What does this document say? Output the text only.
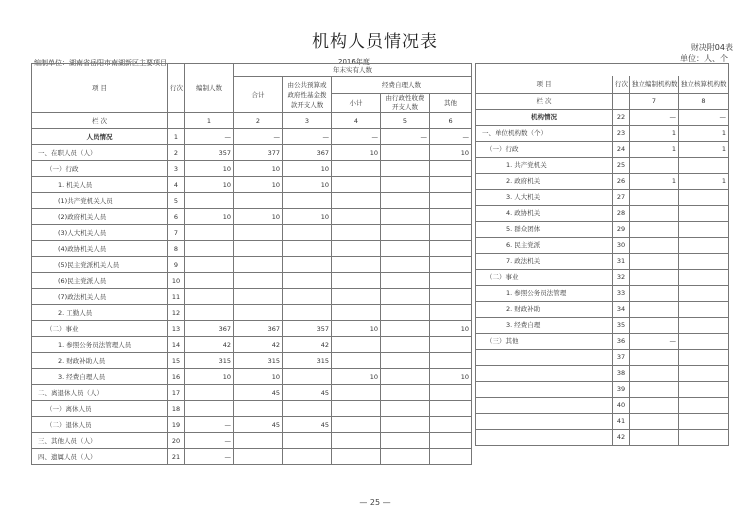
机构人员情况表	财决附04表
单位：人、个
编制单位：湖南省岳阳市南湖新区主要项目	2016年度
项 目	行次	编制人数	年末实有人数				
			合计	由公共预算或政府性基金拨款开支人数	经费自理人数		
					小计	由行政性收费开支人数	其他
栏 次		1	2	3	4	5	6
人员情况	1	—	—	—	—	—	—
一、在职人员（人）	2	357	377	367	10		10
（一）行政	3	10	10	10			
1. 机关人员	4	10	10	10			
(1)共产党机关人员	5						
(2)政府机关人员	6	10	10	10			
(3)人大机关人员	7						
(4)政协机关人员	8						
(5)民主党派机关人员	9						
(6)民主党派人员	10						
(7)政法机关人员	11						
2. 工勤人员	12						
（二）事业	13	367	367	357	10		10
1. 参照公务员法管理人员	14	42	42	42			
2. 财政补助人员	15	315	315	315			
3. 经费自理人员	16	10	10		10		10
二、离退休人员（人）	17		45	45			
（一）离休人员	18						
（二）退休人员	19	—	45	45			
三、其他人员（人）	20	—					
四、遗属人员（人）	21	—					

项 目	行次	独立编制机构数	独立核算机构数

栏 次		7	8
机构情况	22	—	—
一、单位机构数（个）	23	1	1
（一）行政	24	1	1
1. 共产党机关	25		
2. 政府机关	26	1	1
3. 人大机关	27		
4. 政协机关	28		
5. 群众团体	29		
6. 民主党派	30		
7. 政法机关	31		
（二）事业	32		
1. 参照公务员法管理	33		
2. 财政补助	34		
3. 经费自理	35		
（三）其他	36	—	
	37		
	38		
	39		
	40		
	41		
	42		
— 25 —
